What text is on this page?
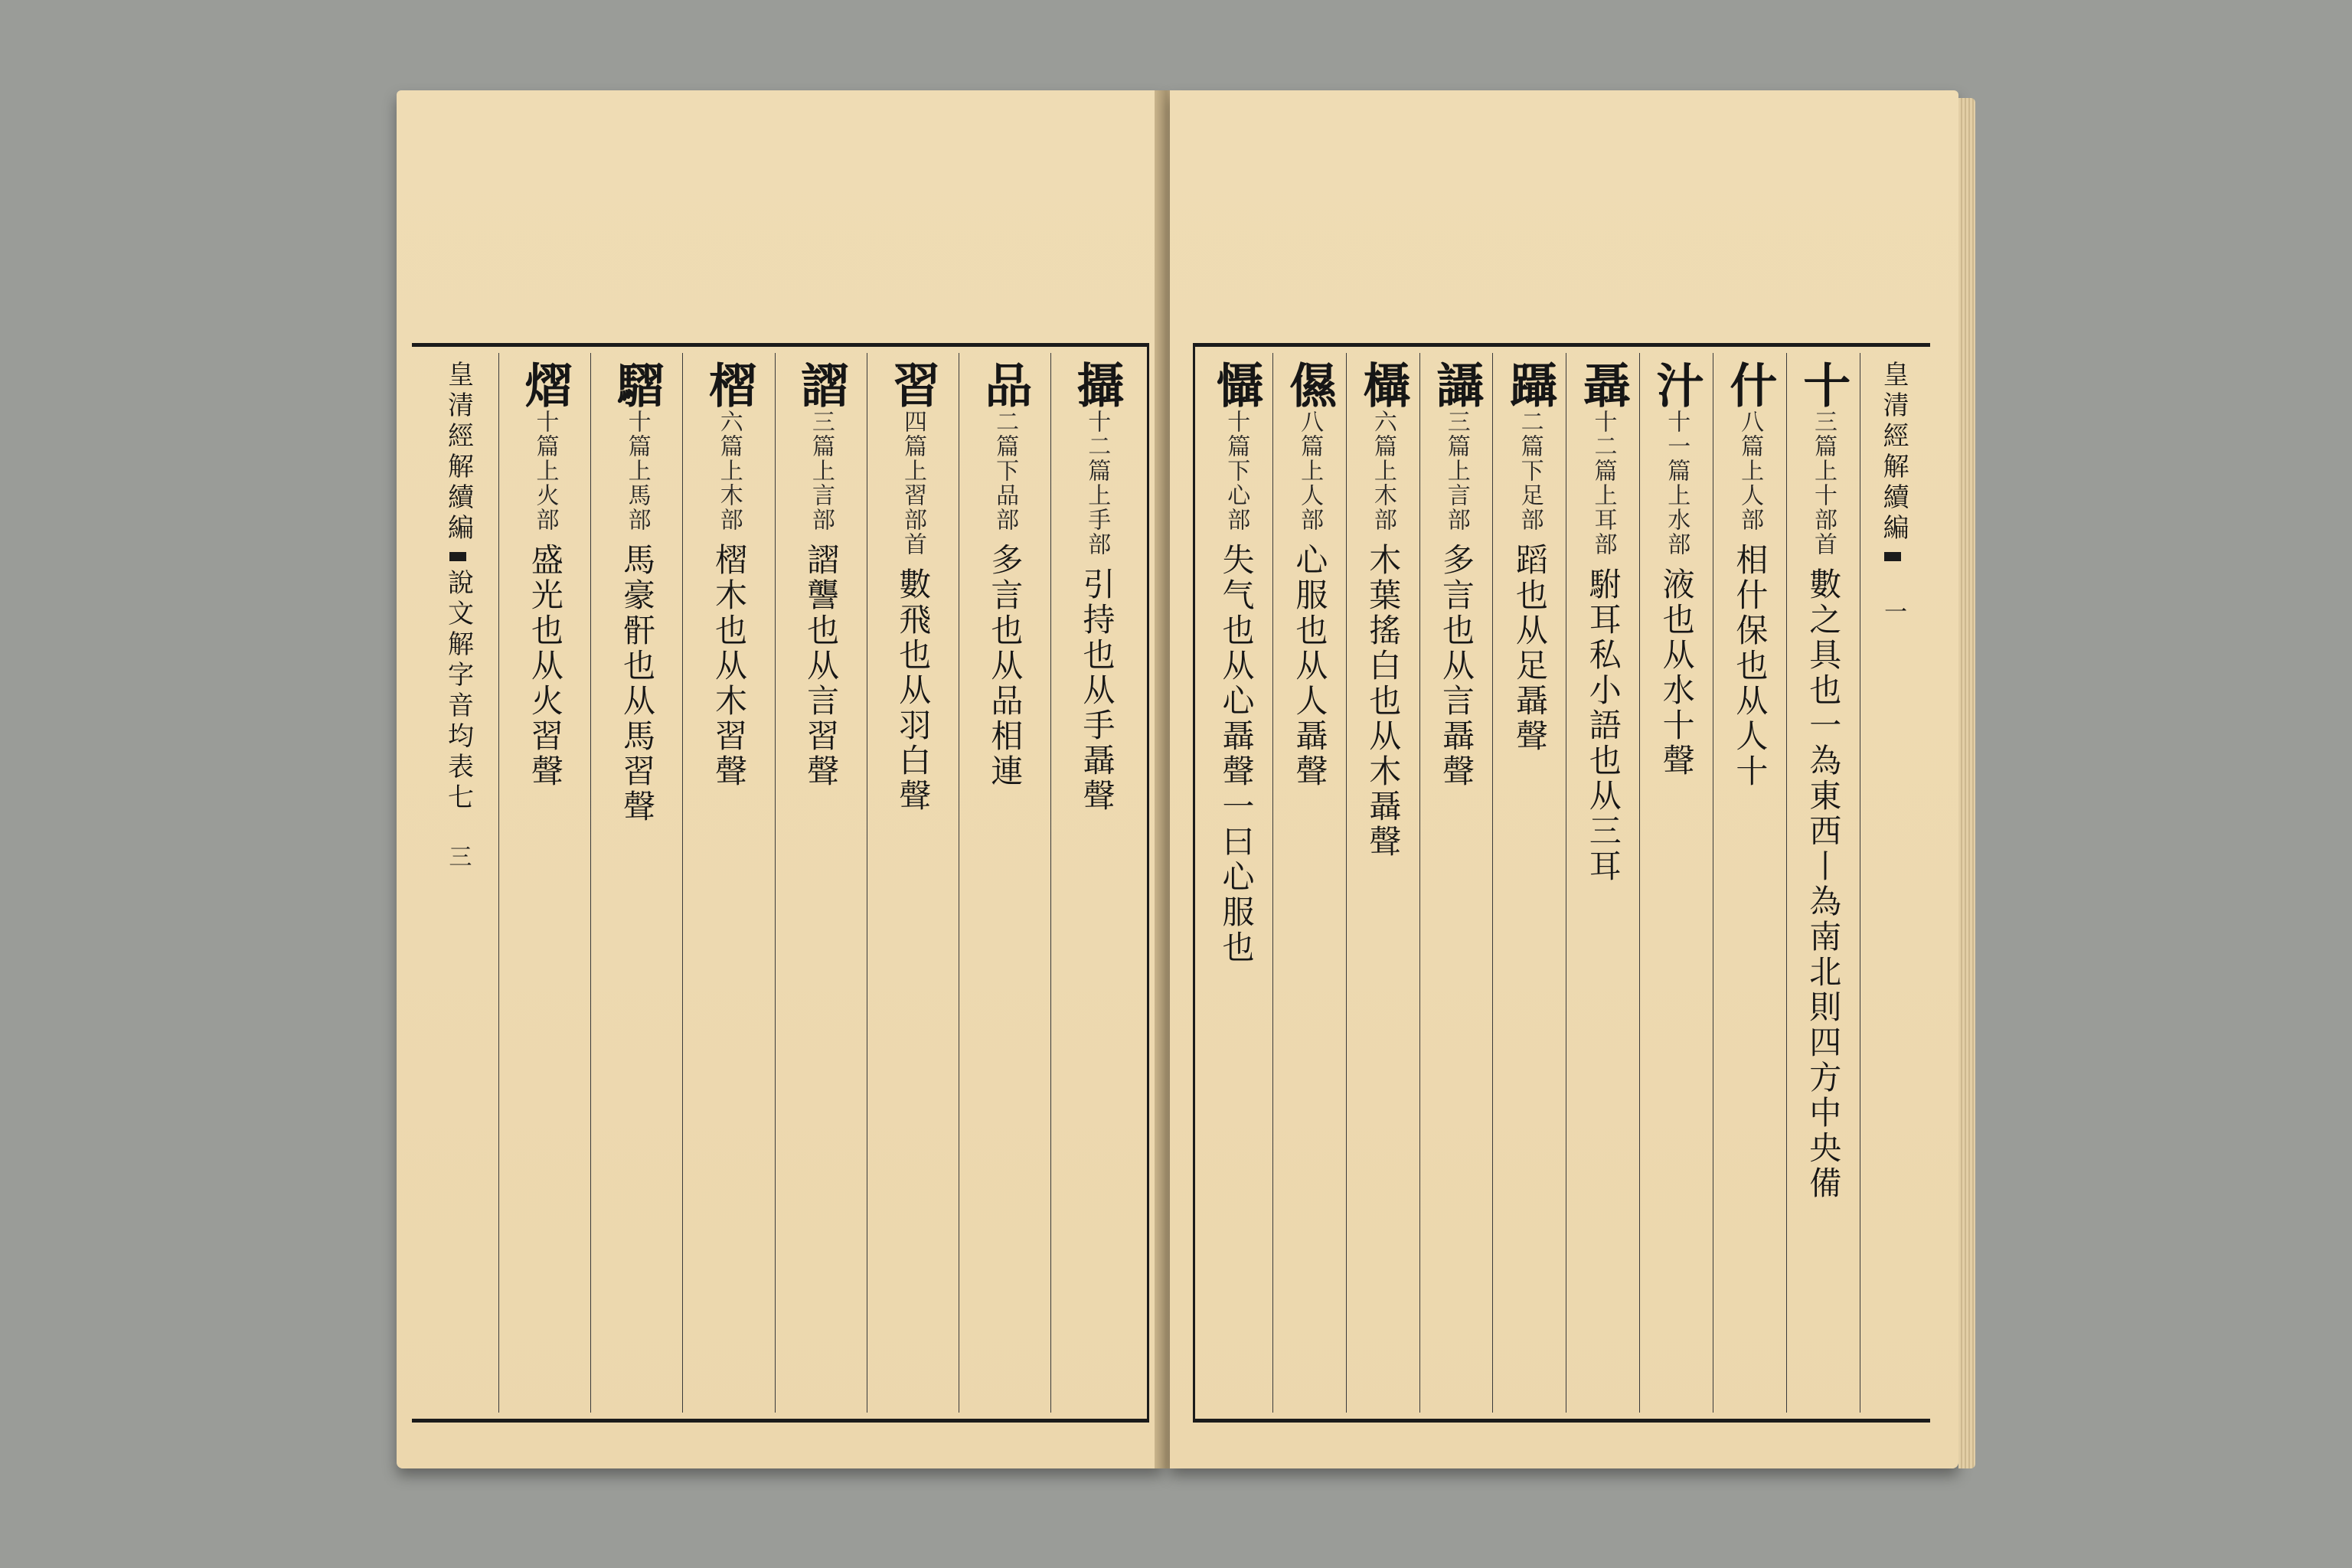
攝
十二篇上手部
引持也从手聶聲
品
二篇下品部
多言也从品相連
習
四篇上習部首
數飛也从羽白聲
謵
三篇上言部
謵讋也从言習聲
槢
六篇上木部
槢木也从木習聲
騽
十篇上馬部
馬豪骭也从馬習聲
熠
十篇上火部
盛光也从火習聲
皇清經解續編
說文解字音均表七
三
皇清經解續編
一
十
三篇上十部首
數之具也一為東西丨為南北則四方中央備
什
八篇上人部
相什保也从人十
汁
十一篇上水部
液也从水十聲
聶
十二篇上耳部
駙耳私小語也从三耳
躡
二篇下足部
蹈也从足聶聲
讘
三篇上言部
多言也从言聶聲
欇
六篇上木部
木葉搖白也从木聶聲
儑
八篇上人部
心服也从人聶聲
懾
十篇下心部
失气也从心聶聲一曰心服也
